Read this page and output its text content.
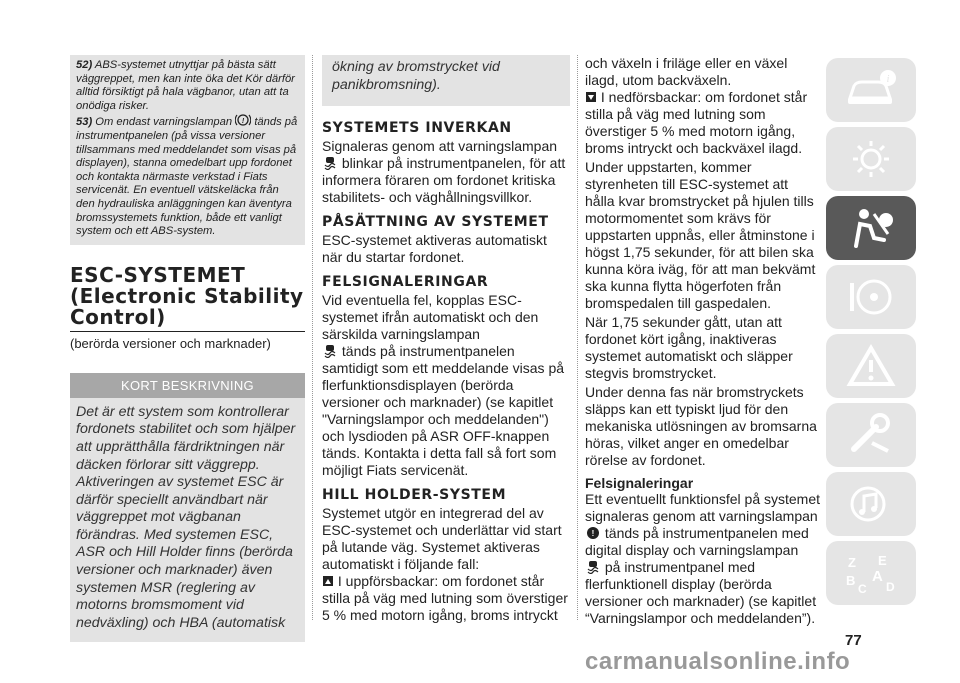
52) ABS-systemet utnyttjar på bästa sätt väggreppet, men kan inte öka det Kör därför alltid försiktigt på hala vägbanor, utan att ta onödiga risker.

53) Om endast varningslampan ! tänds på instrumentpanelen (på vissa versioner tillsammans med meddelandet som visas på displayen), stanna omedelbart upp fordonet och kontakta närmaste verkstad i Fiats servicenät. En eventuell vätskeläcka från den hydrauliska anläggningen kan äventyra bromssystemets funktion, både ett vanligt system och ett ABS-system.

ESC-SYSTEMET
(Electronic Stability
Control)

(berörda versioner och marknader)

KORT BESKRIVNING
Det är ett system som kontrollerar fordonets stabilitet och som hjälper att upprätthålla färdriktningen när däcken förlorar sitt väggrepp. Aktiveringen av systemet ESC är därför speciellt användbart när väggreppet mot vägbanan förändras. Med systemen ESC, ASR och Hill Holder finns (berörda versioner och marknader) även systemen MSR (reglering av motorns bromsmoment vid nedväxling) och HBA (automatisk
ökning av bromstrycket vid panikbromsning).
SYSTEMETS INVERKAN

Signaleras genom att varningslampan
blinkar på instrumentpanelen, för att informera föraren om fordonet kritiska stabilitets- och väghållningsvillkor.

PÅSÄTTNING AV SYSTEMET

ESC-systemet aktiveras automatiskt när du startar fordonet.

FELSIGNALERINGAR

Vid eventuella fel, kopplas ESC-systemet ifrån automatiskt och den särskilda varningslampan
tänds på instrumentpanelen samtidigt som ett meddelande visas på flerfunktionsdisplayen (berörda versioner och marknader) (se kapitlet "Varningslampor och meddelanden") och lysdioden på ASR OFF-knappen tänds. Kontakta i detta fall så fort som möjligt Fiats servicenät.

HILL HOLDER-SYSTEM

Systemet utgör en integrerad del av ESC-systemet och underlättar vid start på lutande väg. Systemet aktiveras automatiskt i följande fall:

I uppförsbackar: om fordonet står stilla på väg med lutning som överstiger 5 % med motorn igång, broms intryckt

och växeln i friläge eller en växel ilagd, utom backväxeln.

I nedförsbackar: om fordonet står stilla på väg med lutning som överstiger 5 % med motorn igång, broms intryckt och backväxel ilagd.

Under uppstarten, kommer styrenheten till ESC-systemet att hålla kvar bromstrycket på hjulen tills motormomentet som krävs för uppstarten uppnås, eller åtminstone i högst 1,75 sekunder, för att bilen ska kunna köra iväg, för att man bekvämt ska kunna flytta högerfoten från bromspedalen till gaspedalen.

När 1,75 sekunder gått, utan att fordonet kört igång, inaktiveras systemet automatiskt och släpper stegvis bromstrycket.

Under denna fas när bromstryckets släpps kan ett typiskt ljud för den mekaniska utlösningen av bromsarna höras, vilket anger en omedelbar rörelse av fordonet.

Felsignaleringar

Ett eventuellt funktionsfel på systemet signaleras genom att varningslampan

! tänds på instrumentpanelen med digital display och varningslampan
på instrumentpanel med flerfunktionell display (berörda versioner och marknader) (se kapitlet “Varningslampor och meddelanden”).

i
Z E
B A
C D
77
carmanualsonline.info
